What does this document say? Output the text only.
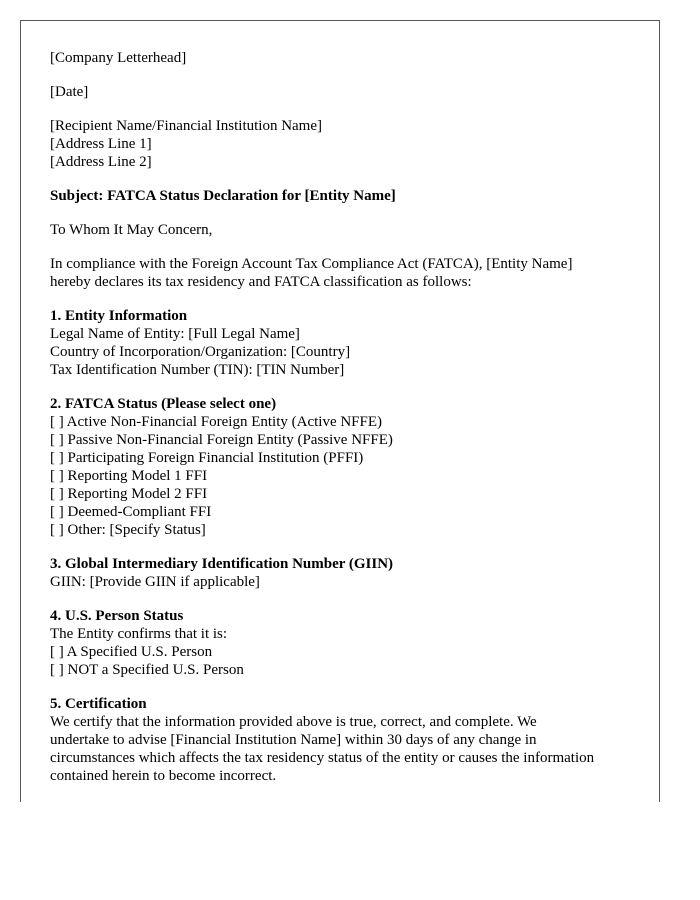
[Company Letterhead]
[Date]
[Recipient Name/Financial Institution Name]
[Address Line 1]
[Address Line 2]
Subject: FATCA Status Declaration for [Entity Name]
To Whom It May Concern,
In compliance with the Foreign Account Tax Compliance Act (FATCA), [Entity Name]
hereby declares its tax residency and FATCA classification as follows:
1. Entity Information
Legal Name of Entity: [Full Legal Name]
Country of Incorporation/Organization: [Country]
Tax Identification Number (TIN): [TIN Number]
2. FATCA Status (Please select one)
[ ] Active Non-Financial Foreign Entity (Active NFFE)
[ ] Passive Non-Financial Foreign Entity (Passive NFFE)
[ ] Participating Foreign Financial Institution (PFFI)
[ ] Reporting Model 1 FFI
[ ] Reporting Model 2 FFI
[ ] Deemed-Compliant FFI
[ ] Other: [Specify Status]
3. Global Intermediary Identification Number (GIIN)
GIIN: [Provide GIIN if applicable]
4. U.S. Person Status
The Entity confirms that it is:
[ ] A Specified U.S. Person
[ ] NOT a Specified U.S. Person
5. Certification
We certify that the information provided above is true, correct, and complete. We
undertake to advise [Financial Institution Name] within 30 days of any change in
circumstances which affects the tax residency status of the entity or causes the information
contained herein to become incorrect.
